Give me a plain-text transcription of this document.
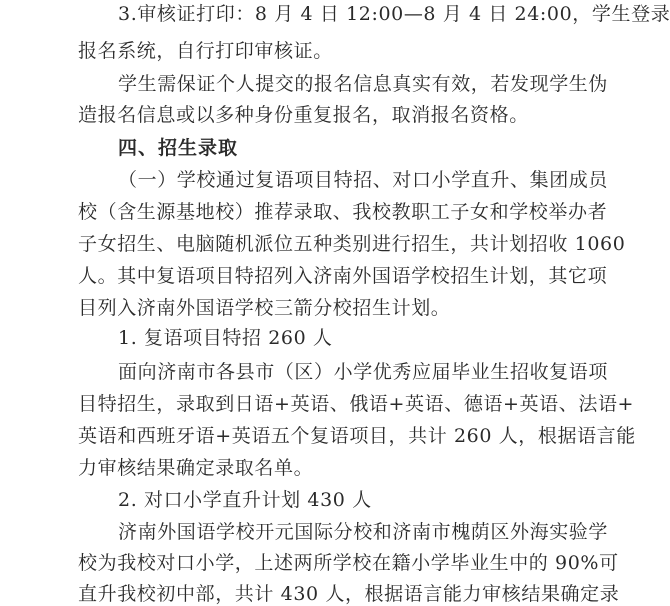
3.审核证打印：8 月 4 日 12:00—8 月 4 日 24:00，学生登录
报名系统，自行打印审核证。
学生需保证个人提交的报名信息真实有效，若发现学生伪
造报名信息或以多种身份重复报名，取消报名资格。
四、招生录取
（一）学校通过复语项目特招、对口小学直升、集团成员
校（含生源基地校）推荐录取、我校教职工子女和学校举办者
子女招生、电脑随机派位五种类别进行招生，共计划招收 1060
人。其中复语项目特招列入济南外国语学校招生计划，其它项
目列入济南外国语学校三箭分校招生计划。
1. 复语项目特招 260 人
面向济南市各县市（区）小学优秀应届毕业生招收复语项
目特招生，录取到日语+英语、俄语+英语、德语+英语、法语+
英语和西班牙语+英语五个复语项目，共计 260 人，根据语言能
力审核结果确定录取名单。
2. 对口小学直升计划 430 人
济南外国语学校开元国际分校和济南市槐荫区外海实验学
校为我校对口小学，上述两所学校在籍小学毕业生中的 90%可
直升我校初中部，共计 430 人，根据语言能力审核结果确定录
